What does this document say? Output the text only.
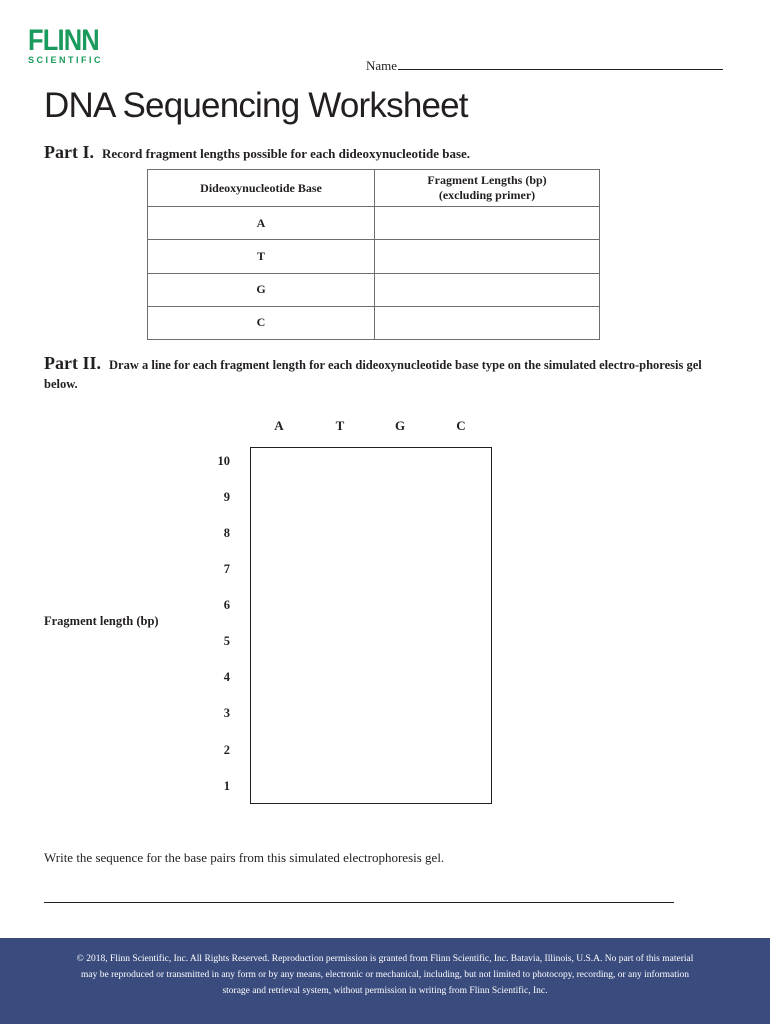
FLINN
SCIENTIFIC	Name
DNA Sequencing Worksheet
Part I. Record fragment lengths possible for each dideoxynucleotide base.
Dideoxynucleotide Base	Fragment Lengths (bp)
(excluding primer)

A	
T	
G	
C	
Part II. Draw a line for each fragment length for each dideoxynucleotide base type on the simulated electro-phoresis gel below.
A	T	G	C
10
9
8
7
6
5
4
3
2
1
Fragment length (bp)
Write the sequence for the base pairs from this simulated electrophoresis gel.
© 2018, Flinn Scientific, Inc. All Rights Reserved. Reproduction permission is granted from Flinn Scientific, Inc. Batavia, Illinois, U.S.A. No part of this material
may be reproduced or transmitted in any form or by any means, electronic or mechanical, including, but not limited to photocopy, recording, or any information
storage and retrieval system, without permission in writing from Flinn Scientific, Inc.
